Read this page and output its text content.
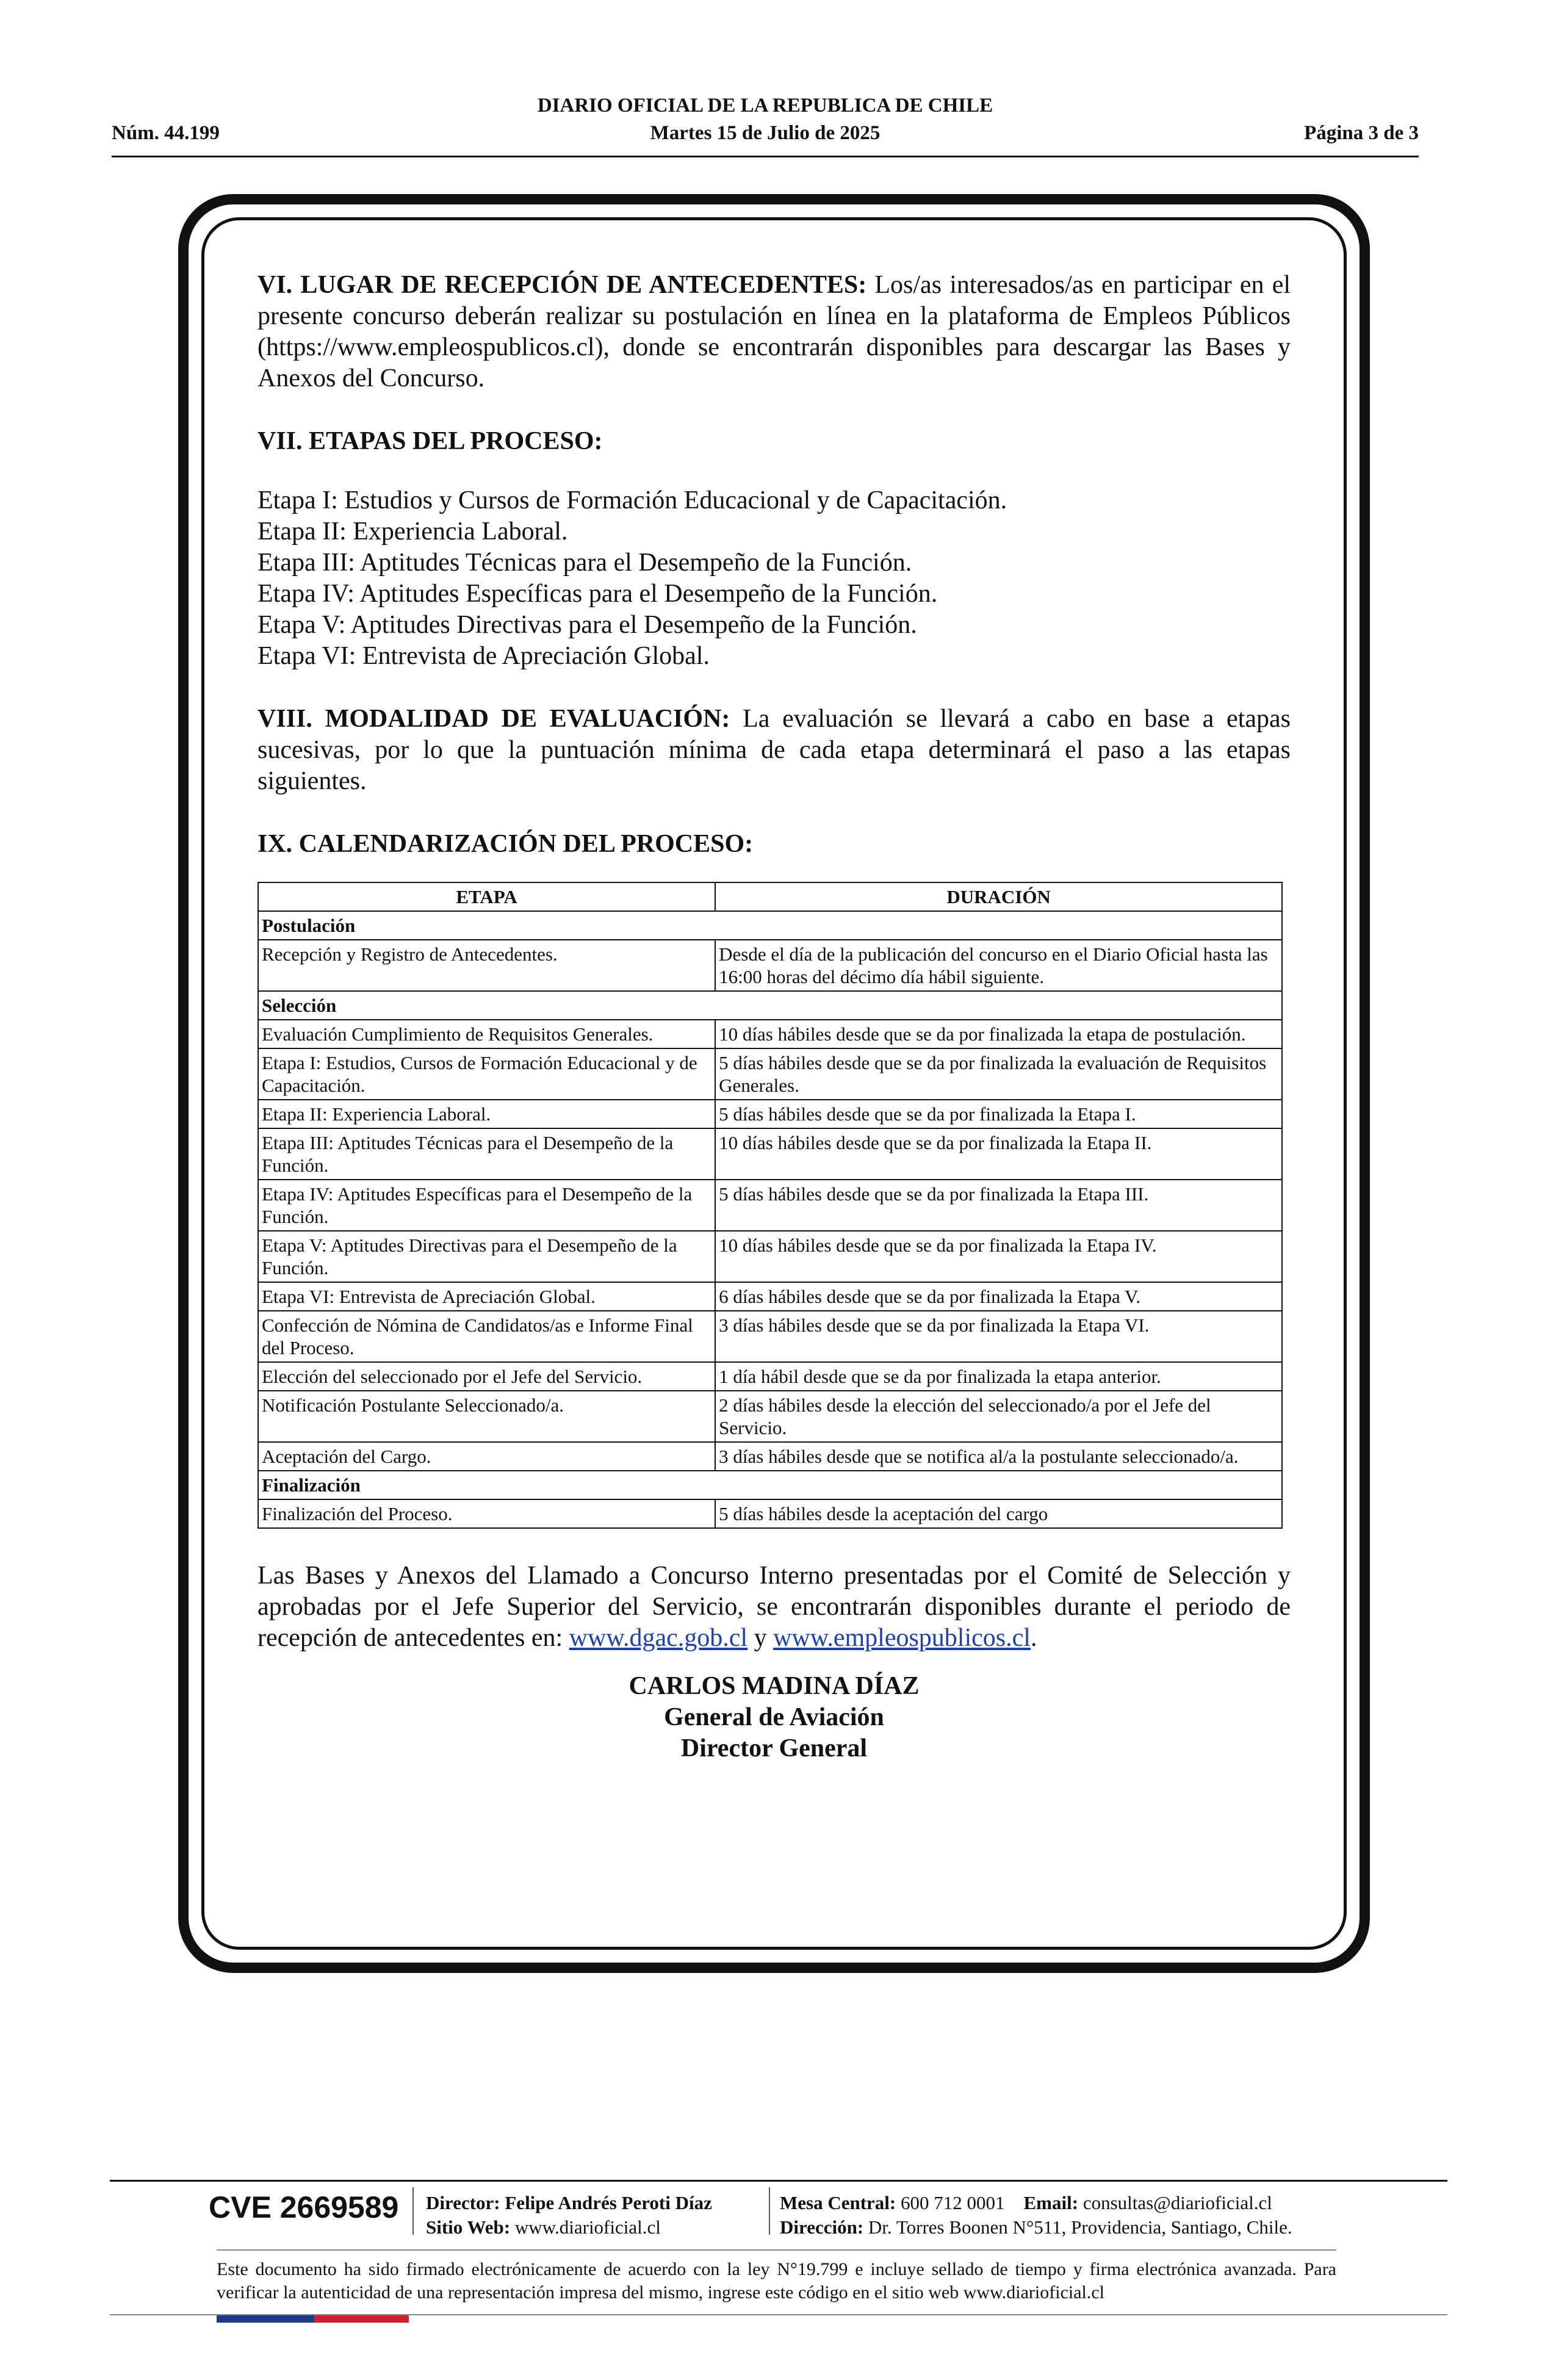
DIARIO OFICIAL DE LA REPUBLICA DE CHILE
Núm. 44.199	Martes 15 de Julio de 2025	Página 3 de 3

VI. LUGAR DE RECEPCIÓN DE ANTECEDENTES: Los/as interesados/as en participar en el presente concurso deberán realizar su postulación en línea en la plataforma de Empleos Públicos (https://www.empleospublicos.cl), donde se encontrarán disponibles para descargar las Bases y Anexos del Concurso.

VII. ETAPAS DEL PROCESO:

Etapa I: Estudios y Cursos de Formación Educacional y de Capacitación.
Etapa II: Experiencia Laboral.
Etapa III: Aptitudes Técnicas para el Desempeño de la Función.
Etapa IV: Aptitudes Específicas para el Desempeño de la Función.
Etapa V: Aptitudes Directivas para el Desempeño de la Función.
Etapa VI: Entrevista de Apreciación Global.

VIII. MODALIDAD DE EVALUACIÓN: La evaluación se llevará a cabo en base a etapas sucesivas, por lo que la puntuación mínima de cada etapa determinará el paso a las etapas siguientes.

IX. CALENDARIZACIÓN DEL PROCESO:

ETAPA	DURACIÓN
Postulación	
Recepción y Registro de Antecedentes.	Desde el día de la publicación del concurso en el Diario Oficial hasta las 16:00 horas del décimo día hábil siguiente.
Selección	
Evaluación Cumplimiento de Requisitos Generales.	10 días hábiles desde que se da por finalizada la etapa de postulación.
Etapa I: Estudios, Cursos de Formación Educacional y de Capacitación.	5 días hábiles desde que se da por finalizada la evaluación de Requisitos Generales.
Etapa II: Experiencia Laboral.	5 días hábiles desde que se da por finalizada la Etapa I.
Etapa III: Aptitudes Técnicas para el Desempeño de la Función.	10 días hábiles desde que se da por finalizada la Etapa II.
Etapa IV: Aptitudes Específicas para el Desempeño de la Función.	5 días hábiles desde que se da por finalizada la Etapa III.
Etapa V: Aptitudes Directivas para el Desempeño de la Función.	10 días hábiles desde que se da por finalizada la Etapa IV.
Etapa VI: Entrevista de Apreciación Global.	6 días hábiles desde que se da por finalizada la Etapa V.
Confección de Nómina de Candidatos/as e Informe Final del Proceso.	3 días hábiles desde que se da por finalizada la Etapa VI.
Elección del seleccionado por el Jefe del Servicio.	1 día hábil desde que se da por finalizada la etapa anterior.
Notificación Postulante Seleccionado/a.	2 días hábiles desde la elección del seleccionado/a por el Jefe del Servicio.
Aceptación del Cargo.	3 días hábiles desde que se notifica al/a la postulante seleccionado/a.
Finalización	
Finalización del Proceso.	5 días hábiles desde la aceptación del cargo

Las Bases y Anexos del Llamado a Concurso Interno presentadas por el Comité de Selección y aprobadas por el Jefe Superior del Servicio, se encontrarán disponibles durante el periodo de recepción de antecedentes en: www.dgac.gob.cl y www.empleospublicos.cl.

CARLOS MADINA DÍAZ
General de Aviación
Director General
CVE 2669589 Director: Felipe Andrés Peroti Díaz
Sitio Web: www.diarioficial.cl
Mesa Central: 600 712 0001 Email: consultas@diarioficial.cl
Dirección: Dr. Torres Boonen N°511, Providencia, Santiago, Chile.
Este documento ha sido firmado electrónicamente de acuerdo con la ley N°19.799 e incluye sellado de tiempo y firma electrónica avanzada. Para verificar la autenticidad de una representación impresa del mismo, ingrese este código en el sitio web www.diarioficial.cl
